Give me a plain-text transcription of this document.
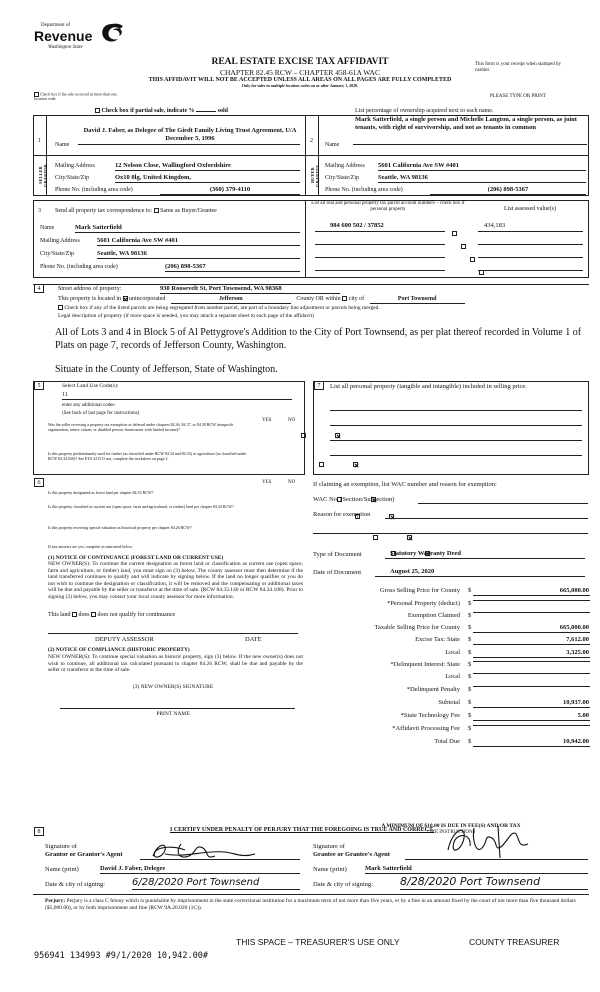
Department of
Revenue
Washington State
REAL ESTATE EXCISE TAX AFFIDAVIT
CHAPTER 82.45 RCW – CHAPTER 458-61A WAC
THIS AFFIDAVIT WILL NOT BE ACCEPTED UNLESS ALL AREAS ON ALL PAGES ARE FULLY COMPLETED
Only for sales in multiple location codes on or after January 1, 2020.
This form is your receipt when stamped by cashier.
Check box if the sale occurred in more than one location code.
Check box if partial sale, indicate %	sold
PLEASE TYPE OR PRINT
List percentage of ownership acquired next to each name.
1
SELLER GRANTOR
Name
David J. Faber, as Delegee of The Giedt Family Living Trust Agreement, U/A December 5, 1996
Mailing Address	12 Nelson Close, Wallingford Oxfordshire
City/State/Zip	Ox10 0lg, United Kingdom,
Phone No. (including area code)	(360) 379-4110
2
BUYER GRANTEE
Name
Mark Satterfield, a single person and Michelle Langton, a single person, as joint tenants, with right of survivorship, and not as tenants in common
Mailing Address 5601 California Ave SW #401
City/State/Zip	Seattle, WA 98136
Phone No. (including area code)	(206) 898-5367
3 Send all property tax correspondence to: Same as Buyer/Grantee
Name	Mark Satterfield
Mailing Address	5601 California Ave SW #401
City/State/Zip	Seattle, WA 98136
Phone No. (including area code)	(206) 898-5367
List all real and personal property tax parcel account numbers – check box if personal property	List assessed value(s)
984 600 502 / 37852	434,183

4	Street address of property:	930 Roosevelt St, Port Townsend, WA 98368
This property is located in unincorporated	Jefferson	County OR within city of	Port Townsend
Check box if any of the listed parcels are being segregated from another parcel, are part of a boundary line adjustment or parcels being merged.
Legal description of property (if more space is needed, you may attach a separate sheet to each page of the affidavit)
All of Lots 3 and 4 in Block 5 of Al Pettygrove's Addition to the City of Port Townsend, as per plat thereof recorded in Volume 1 of Plats on page 7, records of Jefferson County, Washington.
Situate in the County of Jefferson, State of Washington.
5	Select Land Use Code(s):
11
enter any additional codes:
(See back of last page for instructions)
YES	NO
Was the seller receiving a property tax exemption or deferral under chapters 84.36, 84.37, or 84.38 RCW (nonprofit organization, senior citizen, or disabled person, homeowner with limited income)?

Is this property predominantly used for timber (as classified under RCW 84.34 and 84.33) or agriculture (as classified under RCW 84.34.020)? See ETA 3215 If not, complete the worksheet on page 2.

6	YES	NO
Is this property designated as forest land per chapter 84.33 RCW?

Is this property classified as current use (open space, farm and agricultural, or timber) land per chapter 84.34 RCW?

Is this property receiving special valuation as historical property per chapter 84.26 RCW?

If any answers are yes, complete as instructed below.

(1) NOTICE OF CONTINUANCE (FOREST LAND OR CURRENT USE)
NEW OWNER(S): To continue the current designation as forest land or classification as current use (open space, farm and agriculture, or timber) land, you must sign on (3) below. The county assessor must then determine if the land transferred continues to qualify and will indicate by signing below. If the land no longer qualifies or you do not wish to continue the designation or classification, it will be removed and the compensating or additional taxes will be due and payable by the seller or transferor at the time of sale. (RCW 84.33.140 or RCW 84.34.108). Prior to signing (3) below, you may contact your local county assessor for more information.
This land does does not qualify for continuance
DEPUTY ASSESSOR	DATE
(2) NOTICE OF COMPLIANCE (HISTORIC PROPERTY)
NEW OWNER(S): To continue special valuation as historic property, sign (3) below. If the new owner(s) does not wish to continue, all additional tax calculated pursuant to chapter 84.26 RCW, shall be due and payable by the seller or transferor at the time of sale.
(3) NEW OWNER(S) SIGNATURE
PRINT NAME
7	List all personal property (tangible and intangible) included in selling price.
If claiming an exemption, list WAC number and reason for exemption:
WAC No. (Section/Subsection)
Reason for exemption
Type of Document	Statutory Warranty Deed
Date of Document	August 25, 2020
Gross Selling Price for County $	665,000.00
*Personal Property (deduct) $
Exemption Claimed $
Taxable Selling Price for County $	665,000.00
Excise Tax: State $	7,612.00
Local $	3,325.00
*Delinquent Interest: State $
Local $
*Delinquent Penalty $
Subtotal $	10,937.00
*State Technology Fee $	5.00
*Affidavit Processing Fee $
Total Due $	10,942.00
A MINIMUM OF $10.00 IS DUE IN FEE(S) AND/OR TAX
*SEE INSTRUCTIONS
8	I CERTIFY UNDER PENALTY OF PERJURY THAT THE FOREGOING IS TRUE AND CORRECT.
Signature of
Grantor or Grantor's Agent
Signature of
Grantee or Grantee's Agent
Name (print)	David J. Faber, Delegee	Name (print)	Mark Satterfield
Date & city of signing:	6/28/2020 Port Townsend	Date & city of signing: 8/28/2020 Port Townsend
Perjury: Perjury is a class C felony which is punishable by imprisonment in the state correctional institution for a maximum term of not more than five years, or by a fine in an amount fixed by the court of not more than five thousand dollars ($5,000.00), or by both imprisonment and fine (RCW 9A.20.020 (1C)).
THIS SPACE – TREASURER'S USE ONLY	COUNTY TREASURER
956941 134993 #9/1/2020 10,942.00#
